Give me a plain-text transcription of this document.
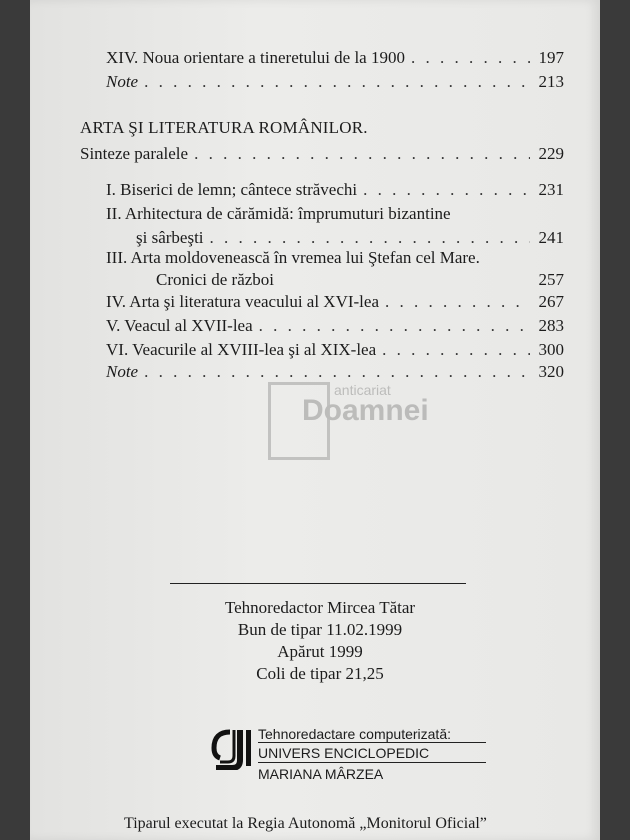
XIV. Noua orientare a tineretului de la 1900 . . .	197
Note . . .	213
ARTA ŞI LITERATURA ROMÂNILOR.
Sinteze paralele . . .	229
I. Biserici de lemn; cântece străvechi . . .	231
II. Arhitectura de cărămidă: împrumuturi bizantine
şi sârbeşti . . .	241
III. Arta moldovenească în vremea lui Ştefan cel Mare.
Cronici de război	257
IV. Arta şi literatura veacului al XVI-lea . . .	267
V. Veacul al XVII-lea . . .	283
VI. Veacurile al XVIII-lea şi al XIX-lea . . .	300
Note . . .	320
anticariat
Doamnei
Tehnoredactor Mircea Tătar
Bun de tipar 11.02.1999
Apărut 1999
Coli de tipar 21,25
Tehnoredactare computerizată:
UNIVERS ENCICLOPEDIC
MARIANA MÂRZEA
Tiparul executat la Regia Autonomă „Monitorul Oficial”
